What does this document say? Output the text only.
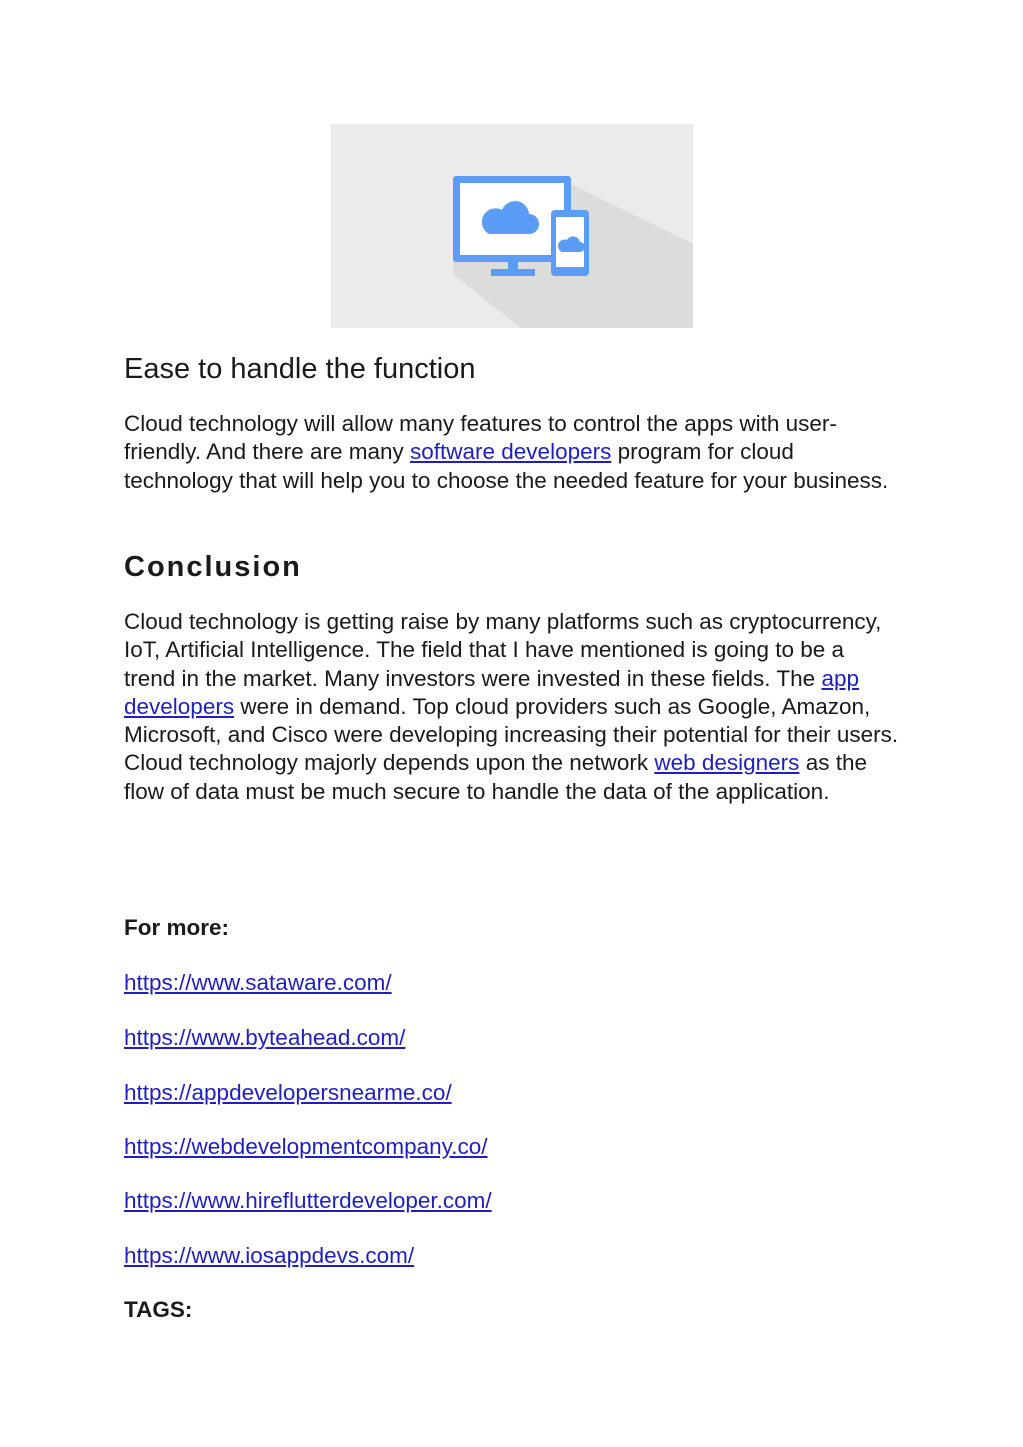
Ease to handle the function

Cloud technology will allow many features to control the apps with user-friendly. And there are many software developers program for cloud technology that will help you to choose the needed feature for your business.

Conclusion

Cloud technology is getting raise by many platforms such as cryptocurrency, IoT, Artificial Intelligence. The field that I have mentioned is going to be a trend in the market. Many investors were invested in these fields. The app developers were in demand. Top cloud providers such as Google, Amazon, Microsoft, and Cisco were developing increasing their potential for their users. Cloud technology majorly depends upon the network web designers as the flow of data must be much secure to handle the data of the application.

For more:

https://www.sataware.com/
https://www.byteahead.com/
https://appdevelopersnearme.co/
https://webdevelopmentcompany.co/
https://www.hireflutterdeveloper.com/
https://www.iosappdevs.com/

TAGS:
